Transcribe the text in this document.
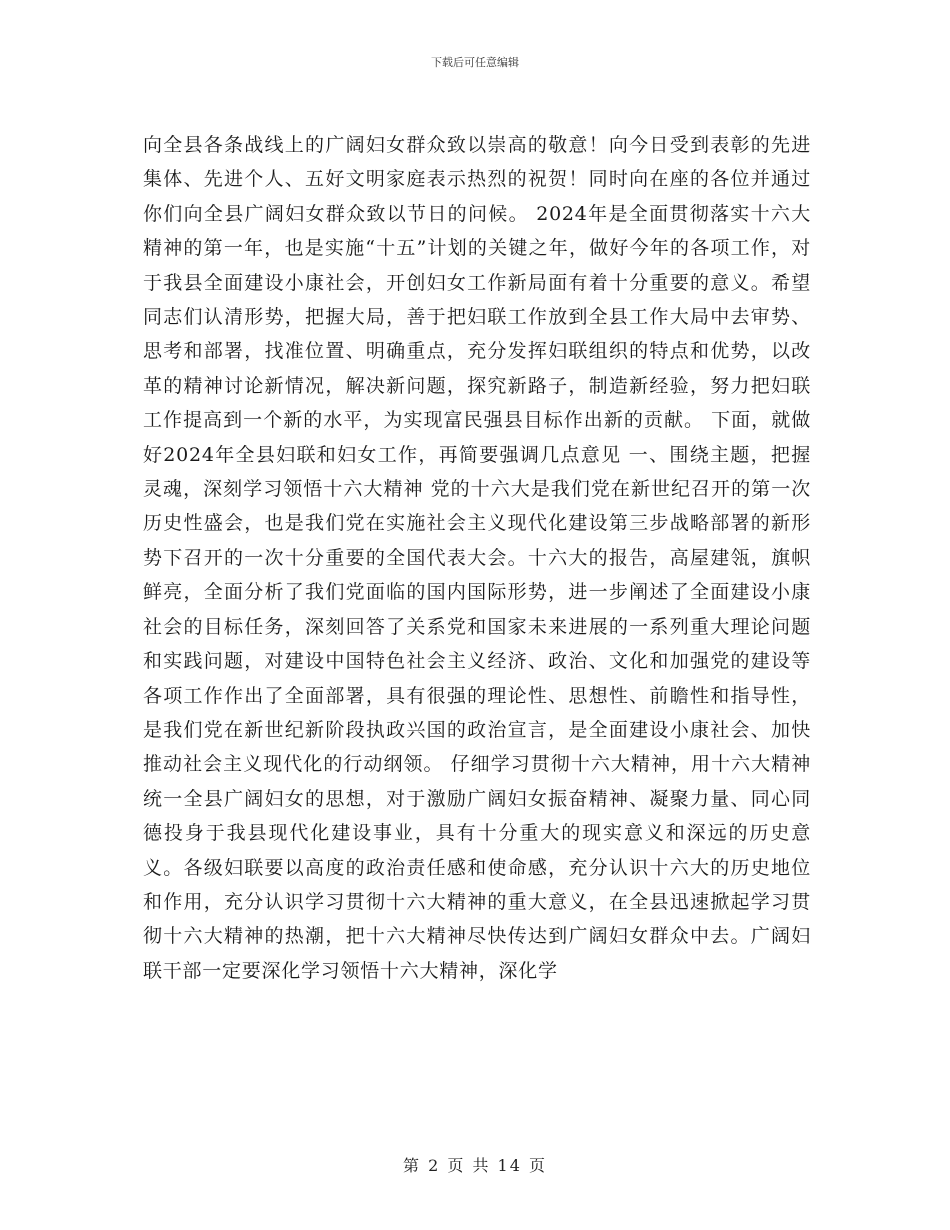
下载后可任意编辑

向全县各条战线上的广阔妇女群众致以崇高的敬意！向今日受到表彰的先进集体、先进个人、五好文明家庭表示热烈的祝贺！同时向在座的各位并通过你们向全县广阔妇女群众致以节日的问候。 2024年是全面贯彻落实十六大精神的第一年，也是实施“十五”计划的关键之年，做好今年的各项工作，对于我县全面建设小康社会，开创妇女工作新局面有着十分重要的意义。希望同志们认清形势，把握大局，善于把妇联工作放到全县工作大局中去审势、思考和部署，找准位置、明确重点，充分发挥妇联组织的特点和优势，以改革的精神讨论新情况，解决新问题，探究新路子，制造新经验，努力把妇联工作提高到一个新的水平，为实现富民强县目标作出新的贡献。 下面，就做好2024年全县妇联和妇女工作，再简要强调几点意见 一、围绕主题，把握灵魂，深刻学习领悟十六大精神 党的十六大是我们党在新世纪召开的第一次历史性盛会，也是我们党在实施社会主义现代化建设第三步战略部署的新形势下召开的一次十分重要的全国代表大会。十六大的报告，高屋建瓴，旗帜鲜亮，全面分析了我们党面临的国内国际形势，进一步阐述了全面建设小康社会的目标任务，深刻回答了关系党和国家未来进展的一系列重大理论问题和实践问题，对建设中国特色社会主义经济、政治、文化和加强党的建设等各项工作作出了全面部署，具有很强的理论性、思想性、前瞻性和指导性，是我们党在新世纪新阶段执政兴国的政治宣言，是全面建设小康社会、加快推动社会主义现代化的行动纲领。 仔细学习贯彻十六大精神，用十六大精神统一全县广阔妇女的思想，对于激励广阔妇女振奋精神、凝聚力量、同心同德投身于我县现代化建设事业，具有十分重大的现实意义和深远的历史意义。各级妇联要以高度的政治责任感和使命感，充分认识十六大的历史地位和作用，充分认识学习贯彻十六大精神的重大意义，在全县迅速掀起学习贯彻十六大精神的热潮，把十六大精神尽快传达到广阔妇女群众中去。广阔妇联干部一定要深化学习领悟十六大精神，深化学

第 2 页 共 14 页
